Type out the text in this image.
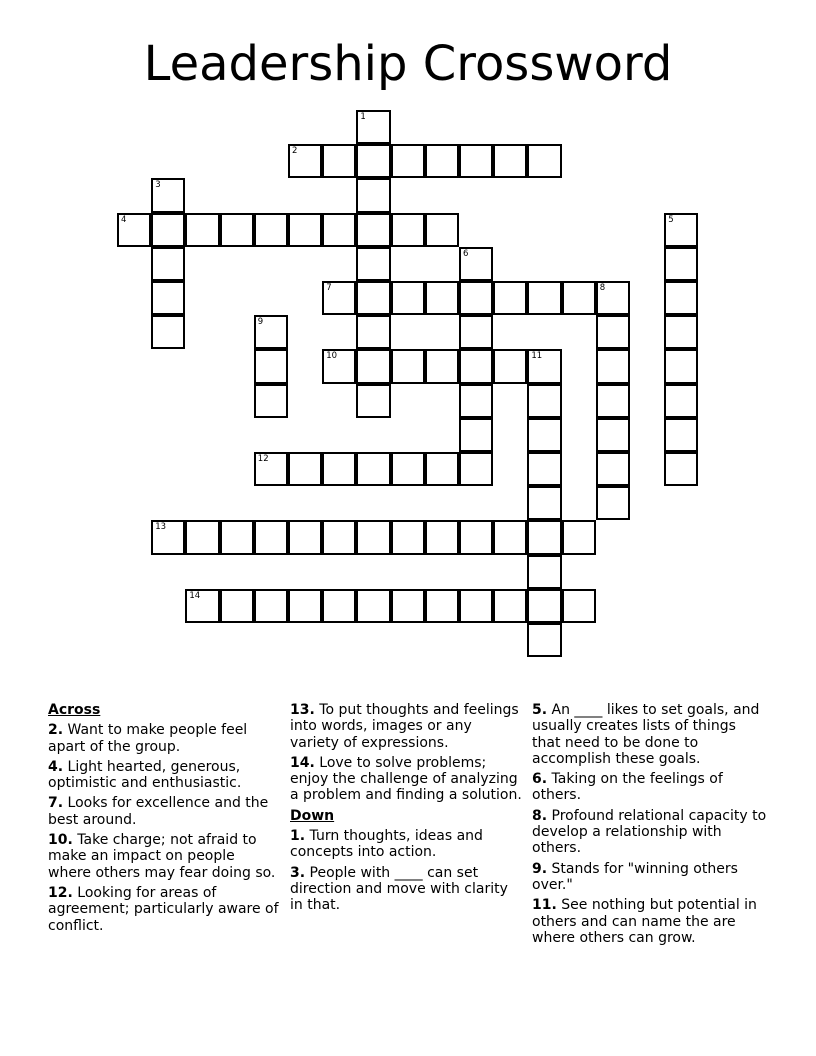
Leadership Crossword
1
2
3
4	5
6
7	8
9
10	11
12
13
14
Across
2. Want to make people feel apart of the group.
4. Light hearted, generous, optimistic and enthusiastic.
7. Looks for excellence and the best around.
10. Take charge; not afraid to make an impact on people where others may fear doing so.
12. Looking for areas of agreement; particularly aware of conflict.
13. To put thoughts and feelings into words, images or any variety of expressions.
14. Love to solve problems; enjoy the challenge of analyzing a problem and finding a solution.
Down
1. Turn thoughts, ideas and concepts into action.
3. People with ____ can set direction and move with clarity in that.
5. An ____ likes to set goals, and usually creates lists of things that need to be done to accomplish these goals.
6. Taking on the feelings of others.
8. Profound relational capacity to develop a relationship with others.
9. Stands for "winning others over."
11. See nothing but potential in others and can name the are where others can grow.
